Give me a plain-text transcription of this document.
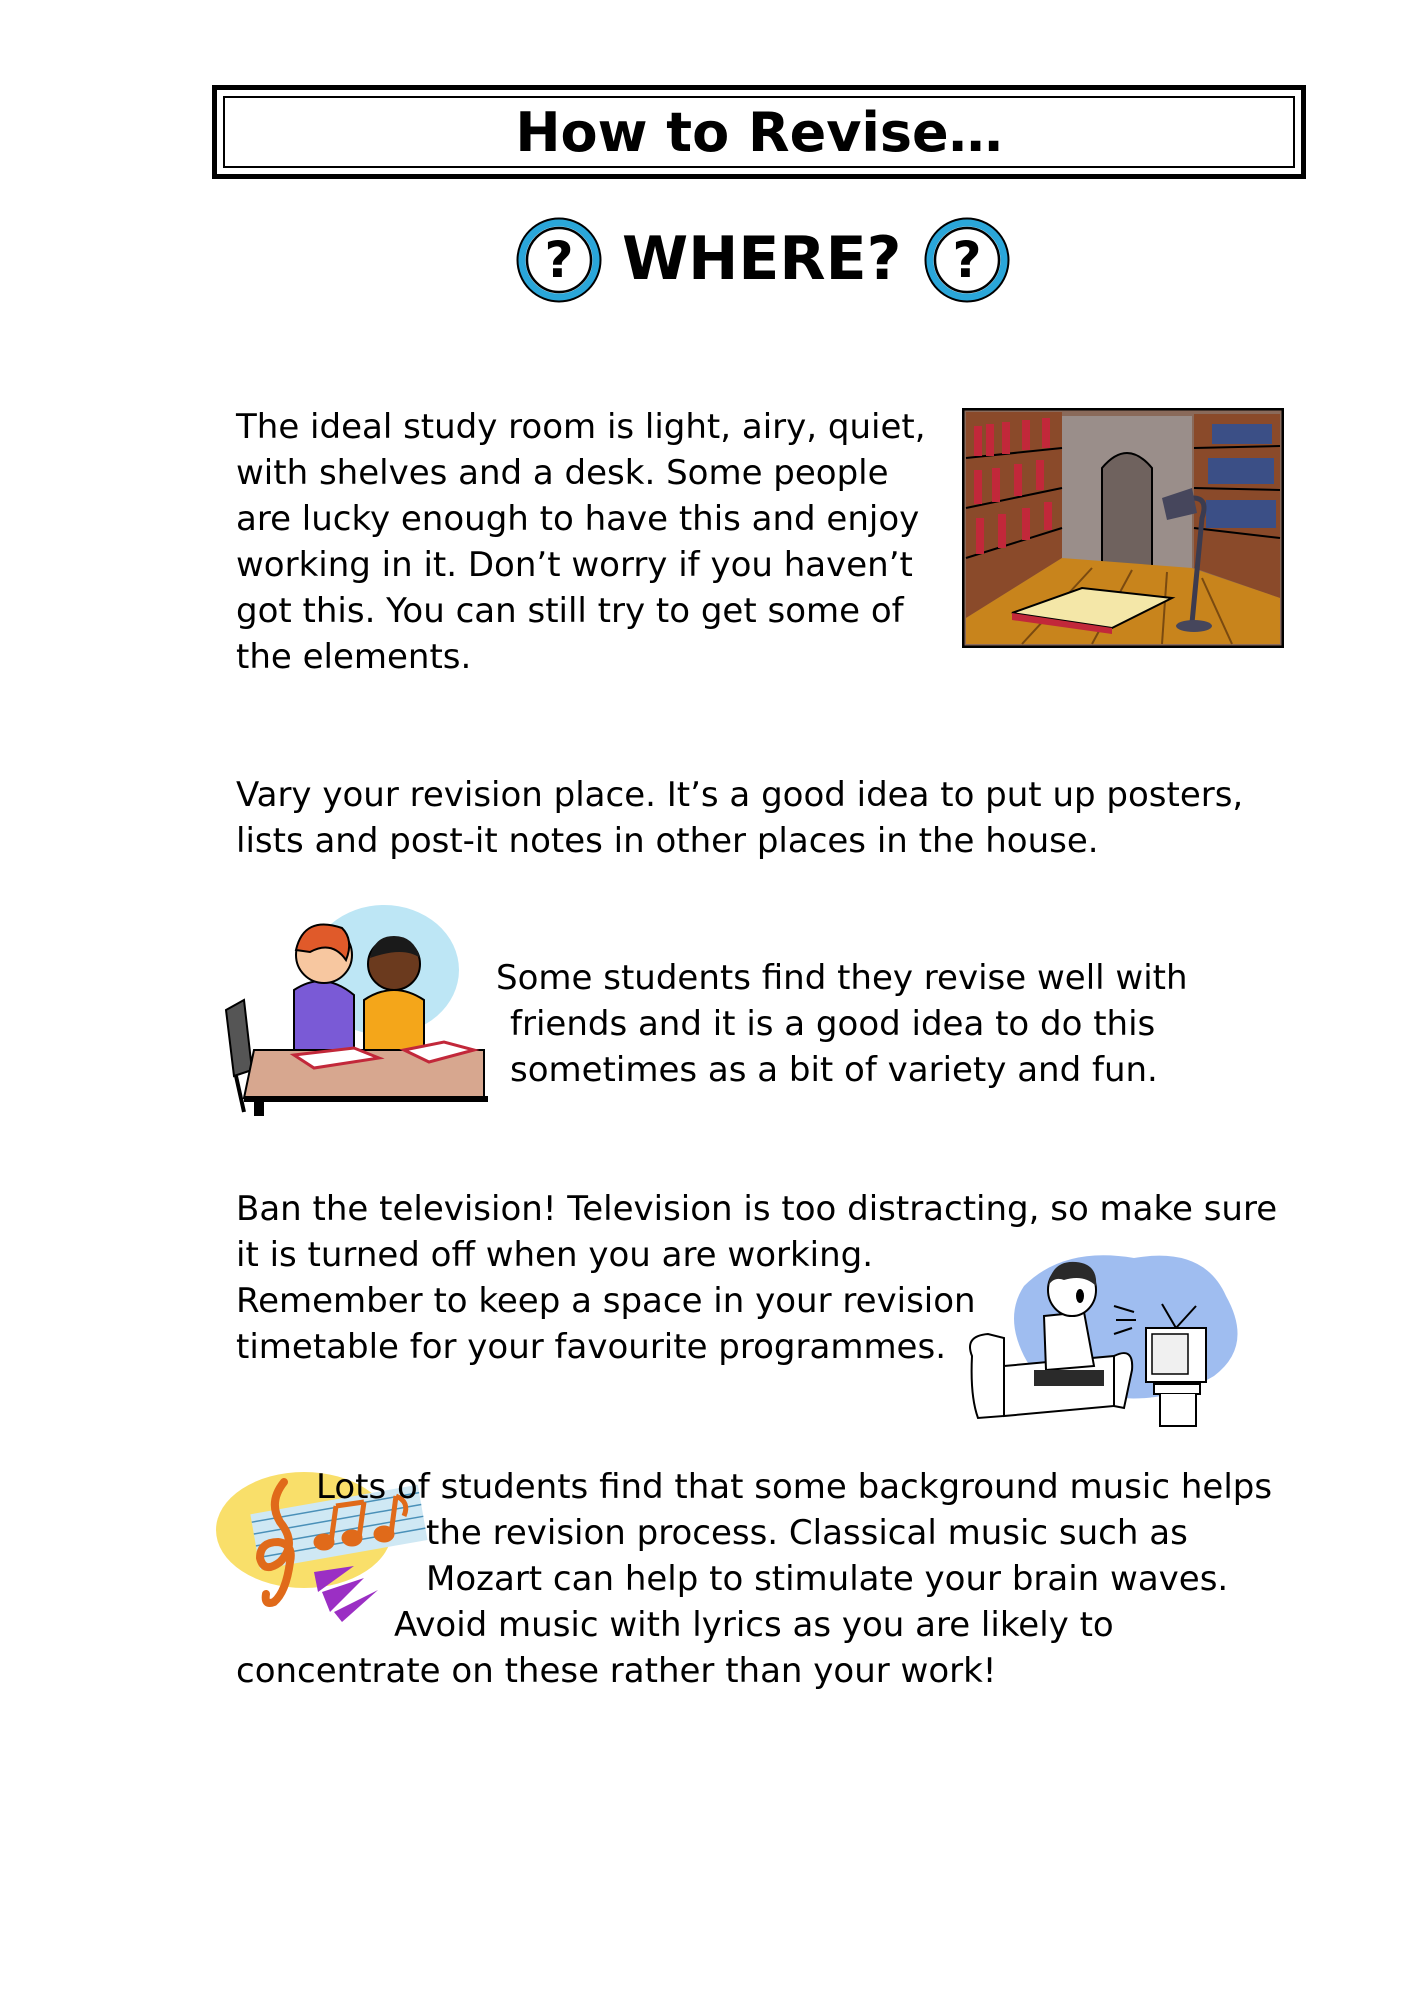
How to Revise…
? WHERE? ?
The ideal study room is light, airy, quiet,
with shelves and a desk. Some people
are lucky enough to have this and enjoy
working in it. Don’t worry if you haven’t
got this. You can still try to get some of
the elements.
Vary your revision place. It’s a good idea to put up posters,
lists and post-it notes in other places in the house.
Some students find they revise well with
friends and it is a good idea to do this
sometimes as a bit of variety and fun.
Ban the television! Television is too distracting, so make sure
it is turned off when you are working.
Remember to keep a space in your revision
timetable for your favourite programmes.
Lots of students find that some background music helps
the revision process. Classical music such as
Mozart can help to stimulate your brain waves.
Avoid music with lyrics as you are likely to
concentrate on these rather than your work!
